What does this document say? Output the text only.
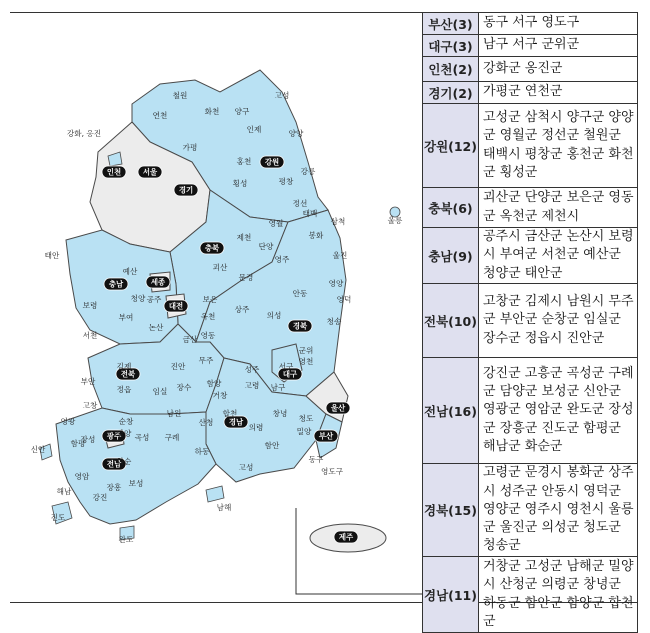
인천	서울
경기
강원
충북
세종
충남
대전
경북
대구
전북
울산
경남
부산
광주
전남
제주
철원
화천 양구
고성
연천
인제	양양
강화, 옹진
가평
홍천
횡성	평창
강릉
태백
정선
영월	삼척	울릉
제천
단양
봉화
울진
영주
태안
예산	괴산
보령
청양 공주
문경
안동
영양
부여
보은
서천
논산
옥천
상주
의성
청송
영덕
금산 영동
군위
김제	진안
무주
부안
정읍	임실 장수
성주
고령
서구
남구
영천
영광	순창
함양
거창
합천	창녕
청도
고창
장성
남원
산청
의령	밀양
함평
담양 곡성 구례
함안
신안	하동
화순
보성
동구
영도구
영암
장흥
고성
해남
강진
남해
진도
완도
부산(3)	동구 서구 영도구
대구(3)	남구 서구 군위군
인천(2)	강화군 옹진군
경기(2)	가평군 연천군
강원(12)	고성군 삼척시 양구군 양양군 영월군 정선군 철원군 태백시 평창군 홍천군 화천군 횡성군
충북(6)	괴산군 단양군 보은군 영동군 옥천군 제천시
충남(9)	공주시 금산군 논산시 보령시 부여군 서천군 예산군 청양군 태안군
전북(10)	고창군 김제시 남원시 무주군 부안군 순창군 임실군 장수군 정읍시 진안군
전남(16)	강진군 고흥군 곡성군 구례군 담양군 보성군 신안군 영광군 영암군 완도군 장성군 장흥군 진도군 함평군 해남군 화순군
경북(15)	고령군 문경시 봉화군 상주시 성주군 안동시 영덕군 영양군 영주시 영천시 울릉군 울진군 의성군 청도군 청송군
경남(11)	거창군 고성군 남해군 밀양시 산청군 의령군 창녕군 하동군 함안군 함양군 합천군
